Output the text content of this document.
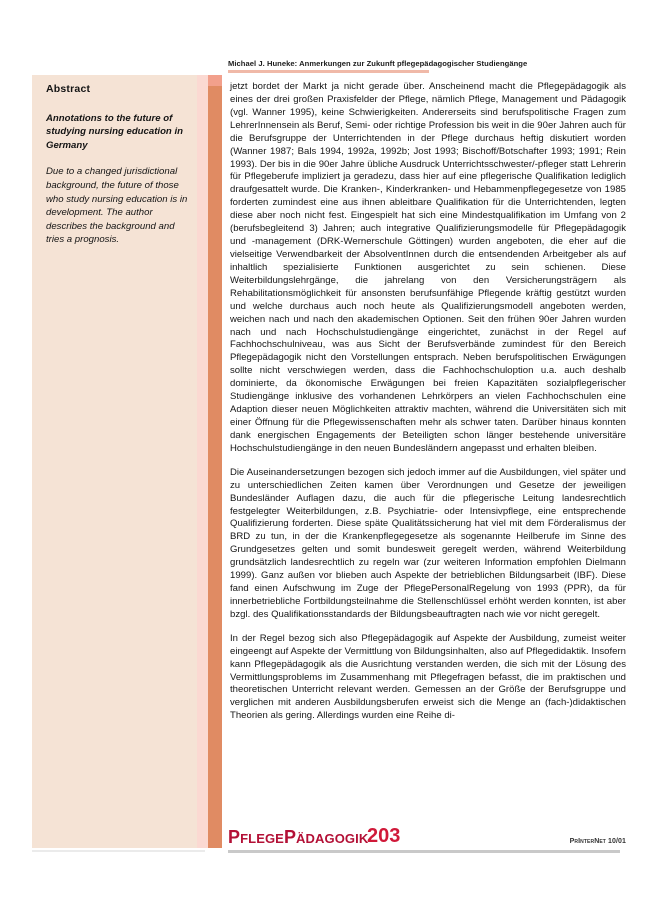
Michael J. Huneke: Anmerkungen zur Zukunft pflegepädagogischer Studiengänge
Abstract
Annotations to the future of studying nursing education in Germany
Due to a changed jurisdictional background, the future of those who study nursing education is in development. The author describes the background and tries a prognosis.

jetzt bordet der Markt ja nicht gerade über. Anscheinend macht die Pflegepädagogik als eines der drei großen Praxisfelder der Pflege, nämlich Pflege, Management und Pädagogik (vgl. Wanner 1995), keine Schwierigkeiten. Andererseits sind berufspolitische Fragen zum LehrerInnensein als Beruf, Semi- oder richtige Profession bis weit in die 90er Jahren auch für die Berufsgruppe der Unterrichtenden in der Pflege durchaus heftig diskutiert worden (Wanner 1987; Bals 1994, 1992a, 1992b; Jost 1993; Bischoff/Botschafter 1993; 1991; Rein 1993). Der bis in die 90er Jahre übliche Ausdruck Unterrichtsschwester/-pfleger statt Lehrerin für Pflegeberufe impliziert ja geradezu, dass hier auf eine pflegerische Qualifikation lediglich draufgesattelt wurde. Die Kranken-, Kinderkranken- und Hebammenpflegegesetze von 1985 forderten zumindest eine aus ihnen ableitbare Qualifikation für die Unterrichtenden, legten diese aber noch nicht fest. Eingespielt hat sich eine Mindestqualifikation im Umfang von 2 (berufsbegleitend 3) Jahren; auch integrative Qualifizierungsmodelle für Pflegepädagogik und -management (DRK-Wernerschule Göttingen) wurden angeboten, die eher auf die vielseitige Verwendbarkeit der AbsolventInnen durch die entsendenden Arbeitgeber als auf inhaltlich spezialisierte Funktionen ausgerichtet zu sein schienen. Diese Weiterbildungslehrgänge, die jahrelang von den Versicherungsträgern als Rehabilitationsmöglichkeit für ansonsten berufsunfähige Pflegende kräftig gestützt wurden und welche durchaus auch noch heute als Qualifizierungsmodell angeboten werden, weichen nach und nach den akademischen Optionen. Seit den frühen 90er Jahren wurden nach und nach Hochschulstudiengänge eingerichtet, zunächst in der Regel auf Fachhochschulniveau, was aus Sicht der Berufsverbände zumindest für den Bereich Pflegepädagogik nicht den Vorstellungen entsprach. Neben berufspolitischen Erwägungen sollte nicht verschwiegen werden, dass die Fachhochschuloption u.a. auch deshalb dominierte, da ökonomische Erwägungen bei freien Kapazitäten sozialpflegerischer Studiengänge inklusive des vorhandenen Lehrkörpers an vielen Fachhochschulen eine Adaption dieser neuen Möglichkeiten attraktiv machten, während die Universitäten sich mit einer Öffnung für die Pflegewissenschaften mehr als schwer taten. Darüber hinaus konnten dank energischen Engagements der Beteiligten schon länger bestehende universitäre Hochschulstudiengänge in den neuen Bundesländern angepasst und erhalten bleiben.

Die Auseinandersetzungen bezogen sich jedoch immer auf die Ausbildungen, viel später und zu unterschiedlichen Zeiten kamen über Verordnungen und Gesetze der jeweiligen Bundesländer Auflagen dazu, die auch für die pflegerische Leitung landesrechtlich festgelegter Weiterbildungen, z.B. Psychiatrie- oder Intensivpflege, eine entsprechende Qualifizierung forderten. Diese späte Qualitätssicherung hat viel mit dem Förderalismus der BRD zu tun, in der die Krankenpflegegesetze als sogenannte Heilberufe im Sinne des Grundgesetzes gelten und somit bundesweit geregelt werden, während Weiterbildung grundsätzlich landesrechtlich zu regeln war (zur weiteren Information empfohlen Dielmann 1999). Ganz außen vor blieben auch Aspekte der betrieblichen Bildungsarbeit (IBF). Diese fand einen Aufschwung im Zuge der PflegePersonalRegelung von 1993 (PPR), da für innerbetriebliche Fortbildungsteilnahme die Stellenschlüssel erhöht werden konnten, ist aber bzgl. des Qualifikationsstandards der Bildungsbeauftragten nach wie vor nicht geregelt.

In der Regel bezog sich also Pflegepädagogik auf Aspekte der Ausbildung, zumeist weiter eingeengt auf Aspekte der Vermittlung von Bildungsinhalten, also auf Pflegedidaktik. Insofern kann Pflegepädagogik als die Ausrichtung verstanden werden, die sich mit der Lösung des Vermittlungsproblems im Zusammenhang mit Pflegefragen befasst, die im praktischen und theoretischen Unterricht relevant werden. Gemessen an der Größe der Berufsgruppe und verglichen mit anderen Ausbildungsberufen erweist sich die Menge an (fach-)didaktischen Theorien als gering. Allerdings wurden eine Reihe di-

PflegePädagogik
203	PrInterNet 10/01
